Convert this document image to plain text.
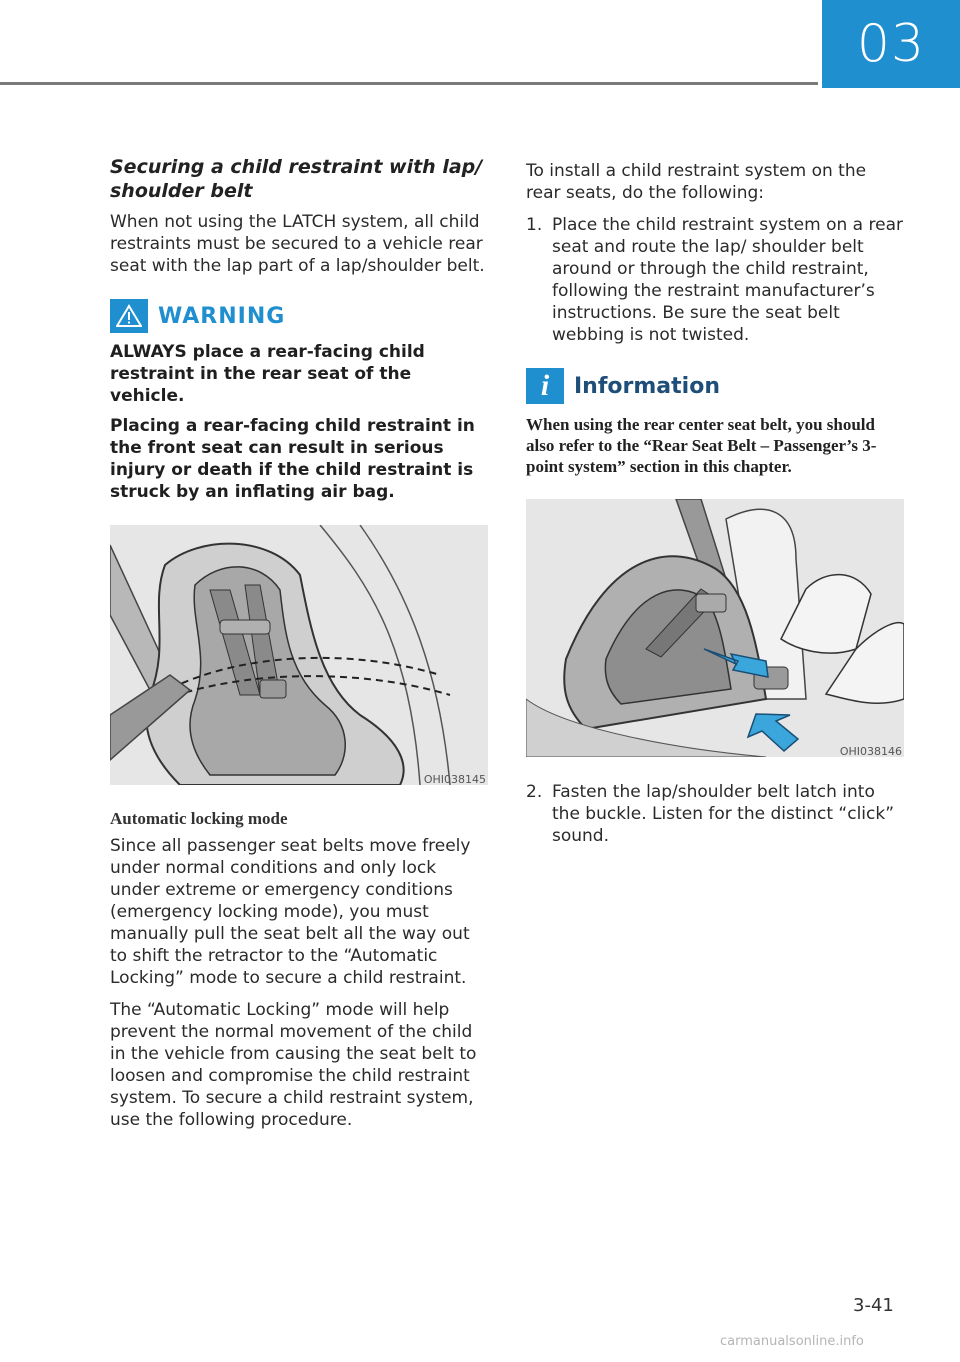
03
Securing a child restraint with lap/ shoulder belt

When not using the LATCH system, all child restraints must be secured to a vehicle rear seat with the lap part of a lap/shoulder belt.

WARNING

ALWAYS place a rear-facing child restraint in the rear seat of the vehicle.

Placing a rear-facing child restraint in the front seat can result in serious injury or death if the child restraint is struck by an inflating air bag.

OHI038145
Automatic locking mode

Since all passenger seat belts move freely under normal conditions and only lock under extreme or emergency conditions (emergency locking mode), you must manually pull the seat belt all the way out to shift the retractor to the “Automatic Locking” mode to secure a child restraint.

The “Automatic Locking” mode will help prevent the normal movement of the child in the vehicle from causing the seat belt to loosen and compromise the child restraint system. To secure a child restraint system, use the following procedure.

To install a child restraint system on the rear seats, do the following:

1. Place the child restraint system on a rear seat and route the lap/ shoulder belt around or through the child restraint, following the restraint manufacturer’s instructions. Be sure the seat belt webbing is not twisted.
i	Information

When using the rear center seat belt, you should also refer to the “Rear Seat Belt – Passenger’s 3-point system” section in this chapter.

OHI038146
2. Fasten the lap/shoulder belt latch into the buckle. Listen for the distinct “click” sound.
3-41
carmanualsonline.info
